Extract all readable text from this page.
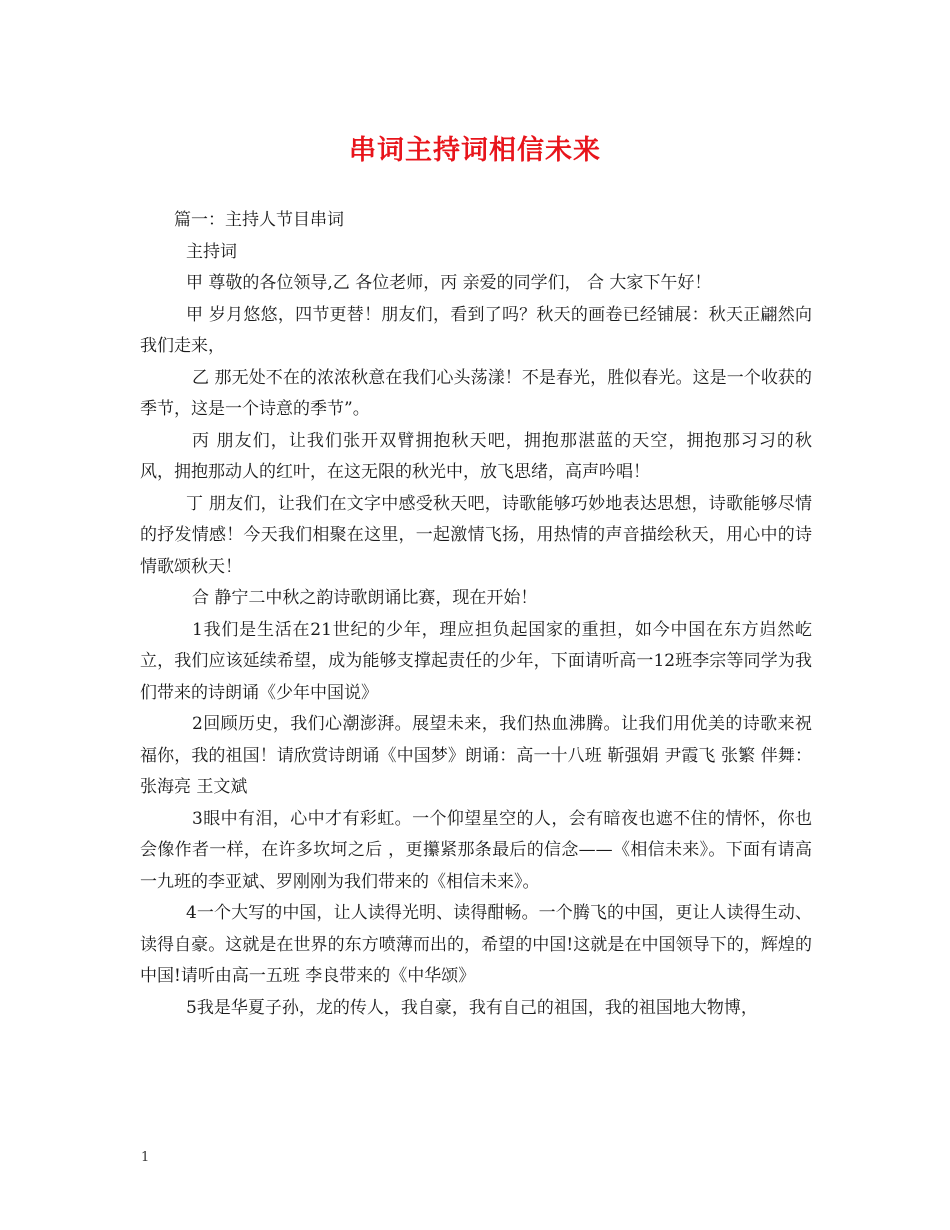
串词主持词相信未来

篇一：主持人节目串词

主持词

甲 尊敬的各位领导,乙 各位老师，丙 亲爱的同学们， 合 大家下午好！

甲 岁月悠悠，四节更替！朋友们，看到了吗？秋天的画卷已经铺展：秋天正翩然向我们走来，

乙 那无处不在的浓浓秋意在我们心头荡漾！不是春光，胜似春光。这是一个收获的季节，这是一个诗意的季节”。

丙 朋友们，让我们张开双臂拥抱秋天吧，拥抱那湛蓝的天空，拥抱那习习的秋 风，拥抱那动人的红叶，在这无限的秋光中，放飞思绪，高声吟唱！

丁 朋友们，让我们在文字中感受秋天吧，诗歌能够巧妙地表达思想，诗歌能够尽情的抒发情感！今天我们相聚在这里，一起激情飞扬，用热情的声音描绘秋天，用心中的诗情歌颂秋天！

合 静宁二中秋之韵诗歌朗诵比赛，现在开始！

1我们是生活在21世纪的少年，理应担负起国家的重担，如今中国在东方岿然屹立，我们应该延续希望，成为能够支撑起责任的少年，下面请听高一12班李宗等同学为我们带来的诗朗诵《少年中国说》

2回顾历史，我们心潮澎湃。展望未来，我们热血沸腾。让我们用优美的诗歌来祝福你，我的祖国！请欣赏诗朗诵《中国梦》朗诵：高一十八班 靳强娟 尹霞飞 张繁 伴舞：张海亮 王文斌

3眼中有泪，心中才有彩虹。一个仰望星空的人，会有暗夜也遮不住的情怀，你也会像作者一样，在许多坎坷之后 ，更攥紧那条最后的信念——《相信未来》。下面有请高一九班的李亚斌、罗刚刚为我们带来的《相信未来》。

4一个大写的中国，让人读得光明、读得酣畅。一个腾飞的中国，更让人读得生动、读得自豪。这就是在世界的东方喷薄而出的，希望的中国!这就是在中国领导下的，辉煌的中国!请听由高一五班 李良带来的《中华颂》

5我是华夏子孙，龙的传人，我自豪，我有自己的祖国，我的祖国地大物博，

1
